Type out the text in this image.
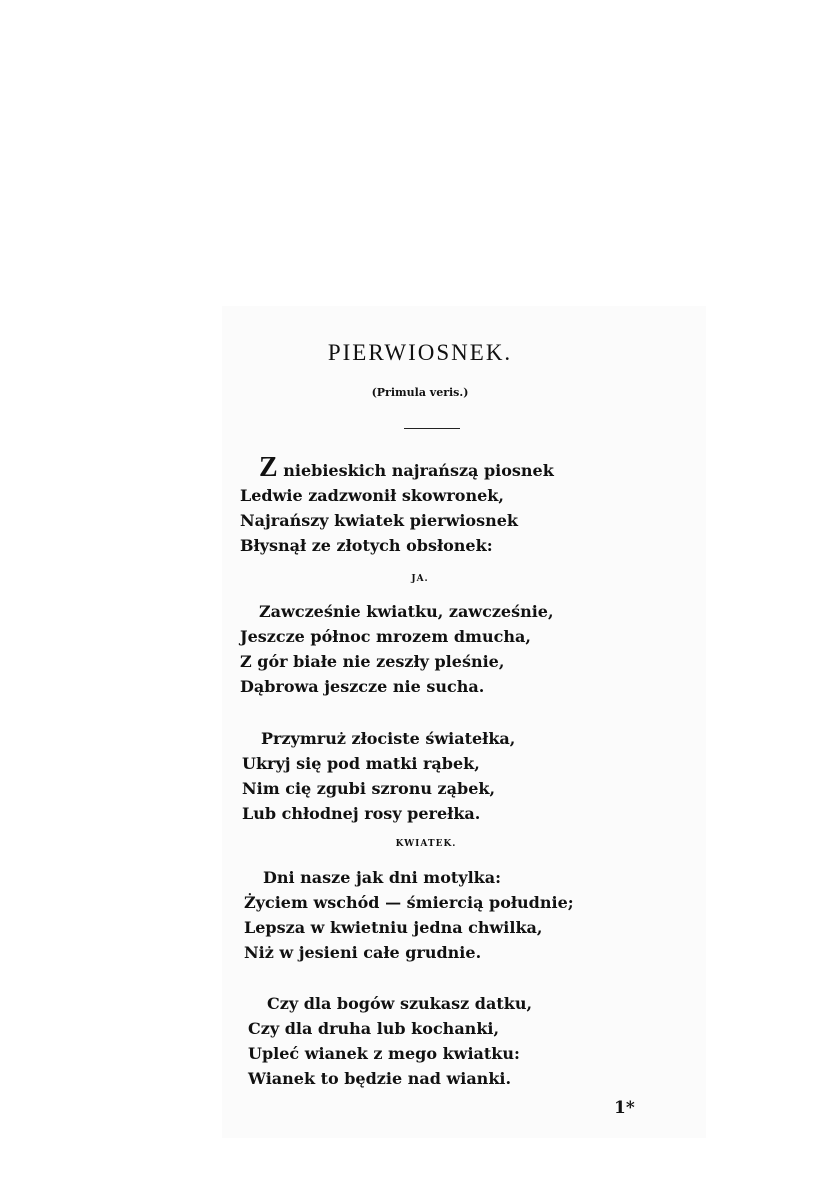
PIERWIOSNEK.
(Primula veris.)
Z niebieskich najrańszą piosnek
Ledwie zadzwonił skowronek,
Najrańszy kwiatek pierwiosnek
Błysnął ze złotych obsłonek:
JA.
Zawcześnie kwiatku, zawcześnie,
Jeszcze północ mrozem dmucha,
Z gór białe nie zeszły pleśnie,
Dąbrowa jeszcze nie sucha.
Przymruż złociste światełka,
Ukryj się pod matki rąbek,
Nim cię zgubi szronu ząbek,
Lub chłodnej rosy perełka.
KWIATEK.
Dni nasze jak dni motylka:
Życiem wschód — śmiercią południe;
Lepsza w kwietniu jedna chwilka,
Niż w jesieni całe grudnie.
Czy dla bogów szukasz datku,
Czy dla druha lub kochanki,
Upleć wianek z mego kwiatku:
Wianek to będzie nad wianki.
1*
